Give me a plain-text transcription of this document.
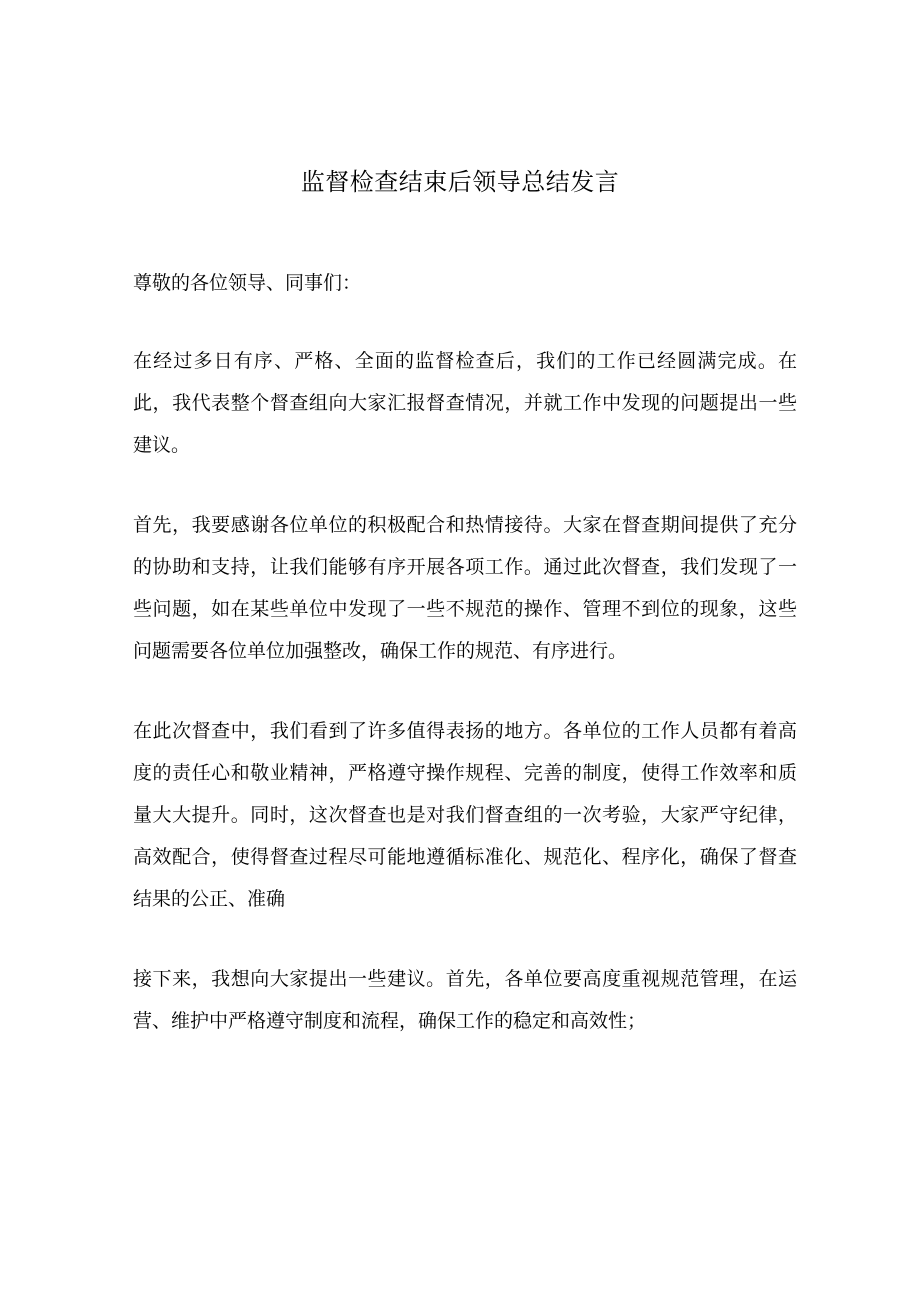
监督检查结束后领导总结发言

尊敬的各位领导、同事们：

在经过多日有序、严格、全面的监督检查后，我们的工作已经圆满完成。在此，我代表整个督查组向大家汇报督查情况，并就工作中发现的问题提出一些建议。

首先，我要感谢各位单位的积极配合和热情接待。大家在督查期间提供了充分的协助和支持，让我们能够有序开展各项工作。通过此次督查，我们发现了一些问题，如在某些单位中发现了一些不规范的操作、管理不到位的现象，这些问题需要各位单位加强整改，确保工作的规范、有序进行。

在此次督查中，我们看到了许多值得表扬的地方。各单位的工作人员都有着高度的责任心和敬业精神，严格遵守操作规程、完善的制度，使得工作效率和质量大大提升。同时，这次督查也是对我们督查组的一次考验，大家严守纪律，高效配合，使得督查过程尽可能地遵循标准化、规范化、程序化，确保了督查结果的公正、准确

接下来，我想向大家提出一些建议。首先，各单位要高度重视规范管理，在运营、维护中严格遵守制度和流程，确保工作的稳定和高效性；
